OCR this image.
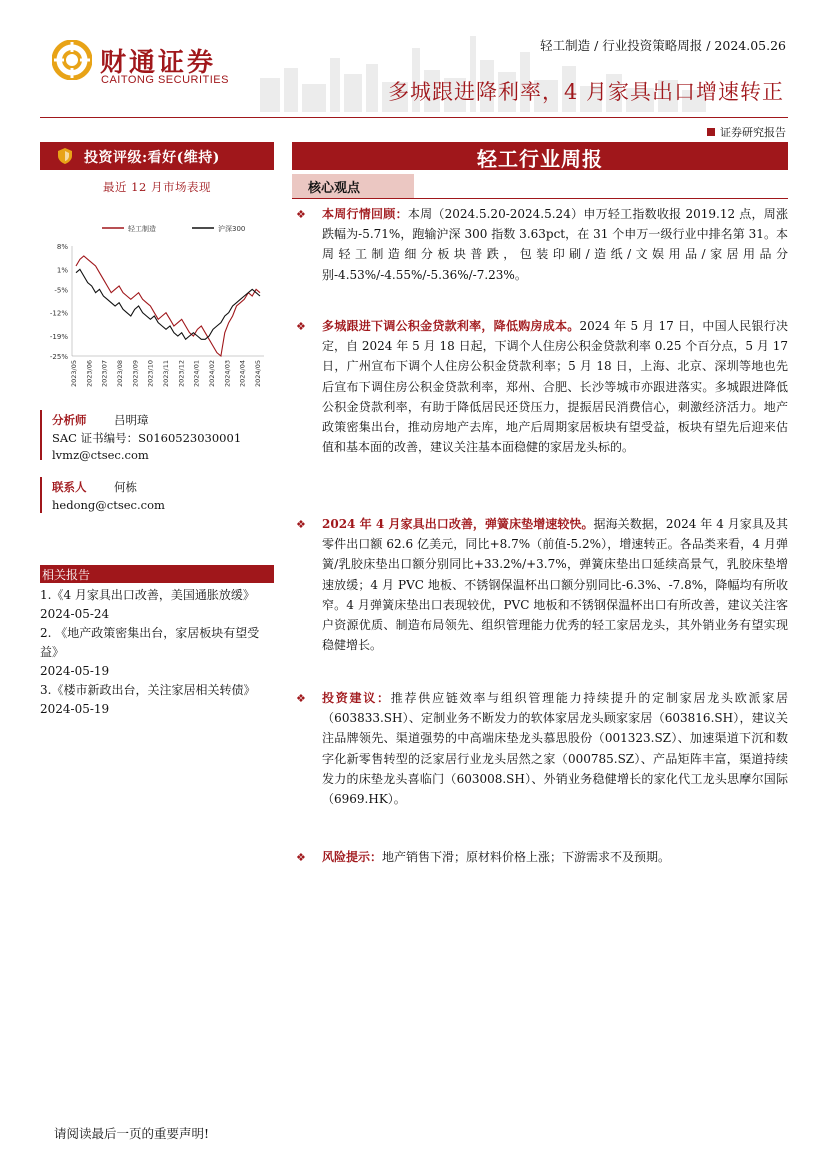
财通证券
CAITONG SECURITIES
轻工制造 / 行业投资策略周报 / 2024.05.26
多城跟进降利率，4 月家具出口增速转正
证券研究报告
投资评级:看好(维持)
最近 12 月市场表现
轻工制造	沪深300
8%
1%
-5%
-12%
-19%
-25%
2023/05 2023/06 2023/07 2023/08 2023/09 2023/10 2023/11 2023/12 2024/01 2024/02 2024/03 2024/04 2024/05
分析师 吕明璋
SAC 证书编号：S0160523030001
lvmz@ctsec.com
联系人 何栋
hedong@ctsec.com
相关报告
1.《4 月家具出口改善，美国通胀放缓》
2024-05-24
2. 《地产政策密集出台，家居板块有望受益》
2024-05-19
3.《楼市新政出台，关注家居相关转债》
2024-05-19
轻工行业周报
核心观点
❖ 本周行情回顾：本周（2024.5.20-2024.5.24）申万轻工指数收报 2019.12 点，周涨跌幅为-5.71%，跑输沪深 300 指数 3.63pct，在 31 个申万一级行业中排名第 31。本周轻工制造细分板块普跌，包装印刷/造纸/文娱用品/家居用品分别-4.53%/-4.55%/-5.36%/-7.23%。
❖ 多城跟进下调公积金贷款利率，降低购房成本。2024 年 5 月 17 日，中国人民银行决定，自 2024 年 5 月 18 日起，下调个人住房公积金贷款利率 0.25 个百分点，5 月 17 日，广州宣布下调个人住房公积金贷款利率；5 月 18 日，上海、北京、深圳等地也先后宣布下调住房公积金贷款利率，郑州、合肥、长沙等城市亦跟进落实。多城跟进降低公积金贷款利率，有助于降低居民还贷压力，提振居民消费信心，刺激经济活力。地产政策密集出台，推动房地产去库，地产后周期家居板块有望受益，板块有望先后迎来估值和基本面的改善，建议关注基本面稳健的家居龙头标的。
❖ 2024 年 4 月家具出口改善，弹簧床垫增速较快。据海关数据，2024 年 4 月家具及其零件出口额 62.6 亿美元，同比+8.7%（前值-5.2%），增速转正。各品类来看，4 月弹簧/乳胶床垫出口额分别同比+33.2%/+3.7%，弹簧床垫出口延续高景气，乳胶床垫增速放缓；4 月 PVC 地板、不锈钢保温杯出口额分别同比-6.3%、-7.8%，降幅均有所收窄。4 月弹簧床垫出口表现较优，PVC 地板和不锈钢保温杯出口有所改善，建议关注客户资源优质、制造布局领先、组织管理能力优秀的轻工家居龙头，其外销业务有望实现稳健增长。
❖ 投资建议：推荐供应链效率与组织管理能力持续提升的定制家居龙头欧派家居（603833.SH）、定制业务不断发力的软体家居龙头顾家家居（603816.SH），建议关注品牌领先、渠道强势的中高端床垫龙头慕思股份（001323.SZ）、加速渠道下沉和数字化新零售转型的泛家居行业龙头居然之家（000785.SZ）、产品矩阵丰富，渠道持续发力的床垫龙头喜临门（603008.SH）、外销业务稳健增长的家化代工龙头思摩尔国际（6969.HK）。
❖ 风险提示：地产销售下滑；原材料价格上涨；下游需求不及预期。
请阅读最后一页的重要声明!
